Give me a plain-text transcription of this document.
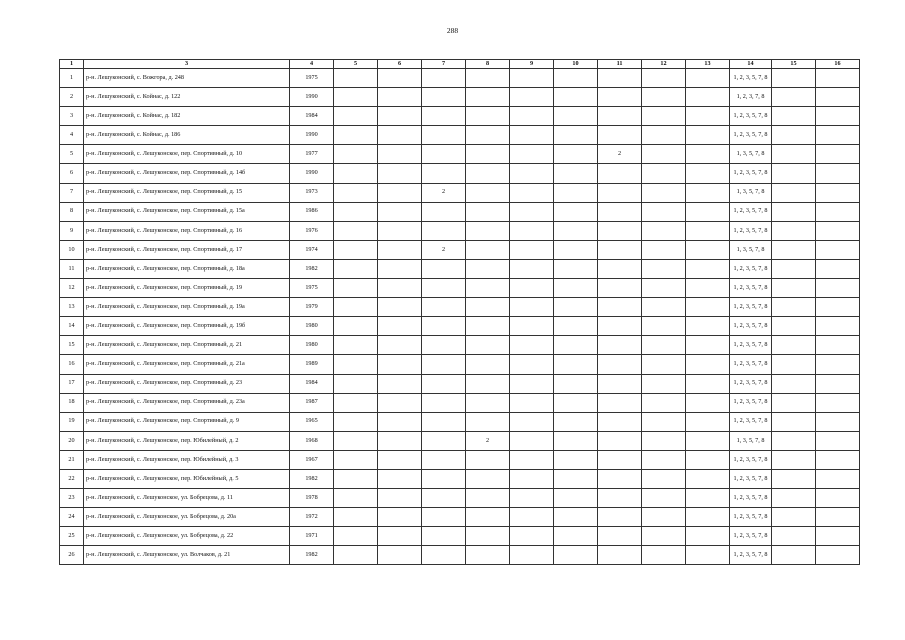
288
1	3	4	5	6	7	8	9	10	11	12	13	14	15	16
1	р-н. Лешуконский, с. Вожгора, д. 248	1975										1, 2, 3, 5, 7, 8		
2	р-н. Лешуконский, с. Койнас, д. 122	1990										1, 2, 3, 7, 8		
3	р-н. Лешуконский, с. Койнас, д. 182	1984										1, 2, 3, 5, 7, 8		
4	р-н. Лешуконский, с. Койнас, д. 186	1990										1, 2, 3, 5, 7, 8		
5	р-н. Лешуконский, с. Лешуконское, пер. Спортивный, д. 10	1977							2			1, 3, 5, 7, 8		
6	р-н. Лешуконский, с. Лешуконское, пер. Спортивный, д. 14б	1990										1, 2, 3, 5, 7, 8		
7	р-н. Лешуконский, с. Лешуконское, пер. Спортивный, д. 15	1973			2							1, 3, 5, 7, 8		
8	р-н. Лешуконский, с. Лешуконское, пер. Спортивный, д. 15а	1986										1, 2, 3, 5, 7, 8		
9	р-н. Лешуконский, с. Лешуконское, пер. Спортивный, д. 16	1976										1, 2, 3, 5, 7, 8		
10	р-н. Лешуконский, с. Лешуконское, пер. Спортивный, д. 17	1974			2							1, 3, 5, 7, 8		
11	р-н. Лешуконский, с. Лешуконское, пер. Спортивный, д. 18а	1982										1, 2, 3, 5, 7, 8		
12	р-н. Лешуконский, с. Лешуконское, пер. Спортивный, д. 19	1975										1, 2, 3, 5, 7, 8		
13	р-н. Лешуконский, с. Лешуконское, пер. Спортивный, д. 19а	1979										1, 2, 3, 5, 7, 8		
14	р-н. Лешуконский, с. Лешуконское, пер. Спортивный, д. 19б	1980										1, 2, 3, 5, 7, 8		
15	р-н. Лешуконский, с. Лешуконское, пер. Спортивный, д. 21	1980										1, 2, 3, 5, 7, 8		
16	р-н. Лешуконский, с. Лешуконское, пер. Спортивный, д. 21а	1989										1, 2, 3, 5, 7, 8		
17	р-н. Лешуконский, с. Лешуконское, пер. Спортивный, д. 23	1984										1, 2, 3, 5, 7, 8		
18	р-н. Лешуконский, с. Лешуконское, пер. Спортивный, д. 23а	1987										1, 2, 3, 5, 7, 8		
19	р-н. Лешуконский, с. Лешуконское, пер. Спортивный, д. 9	1965										1, 2, 3, 5, 7, 8		
20	р-н. Лешуконский, с. Лешуконское, пер. Юбилейный, д. 2	1968				2						1, 3, 5, 7, 8		
21	р-н. Лешуконский, с. Лешуконское, пер. Юбилейный, д. 3	1967										1, 2, 3, 5, 7, 8		
22	р-н. Лешуконский, с. Лешуконское, пер. Юбилейный, д. 5	1982										1, 2, 3, 5, 7, 8		
23	р-н. Лешуконский, с. Лешуконское, ул. Бобрецова, д. 11	1978										1, 2, 3, 5, 7, 8		
24	р-н. Лешуконский, с. Лешуконское, ул. Бобрецова, д. 20а	1972										1, 2, 3, 5, 7, 8		
25	р-н. Лешуконский, с. Лешуконское, ул. Бобрецова, д. 22	1971										1, 2, 3, 5, 7, 8		
26	р-н. Лешуконский, с. Лешуконское, ул. Волчаков, д. 21	1982										1, 2, 3, 5, 7, 8		
